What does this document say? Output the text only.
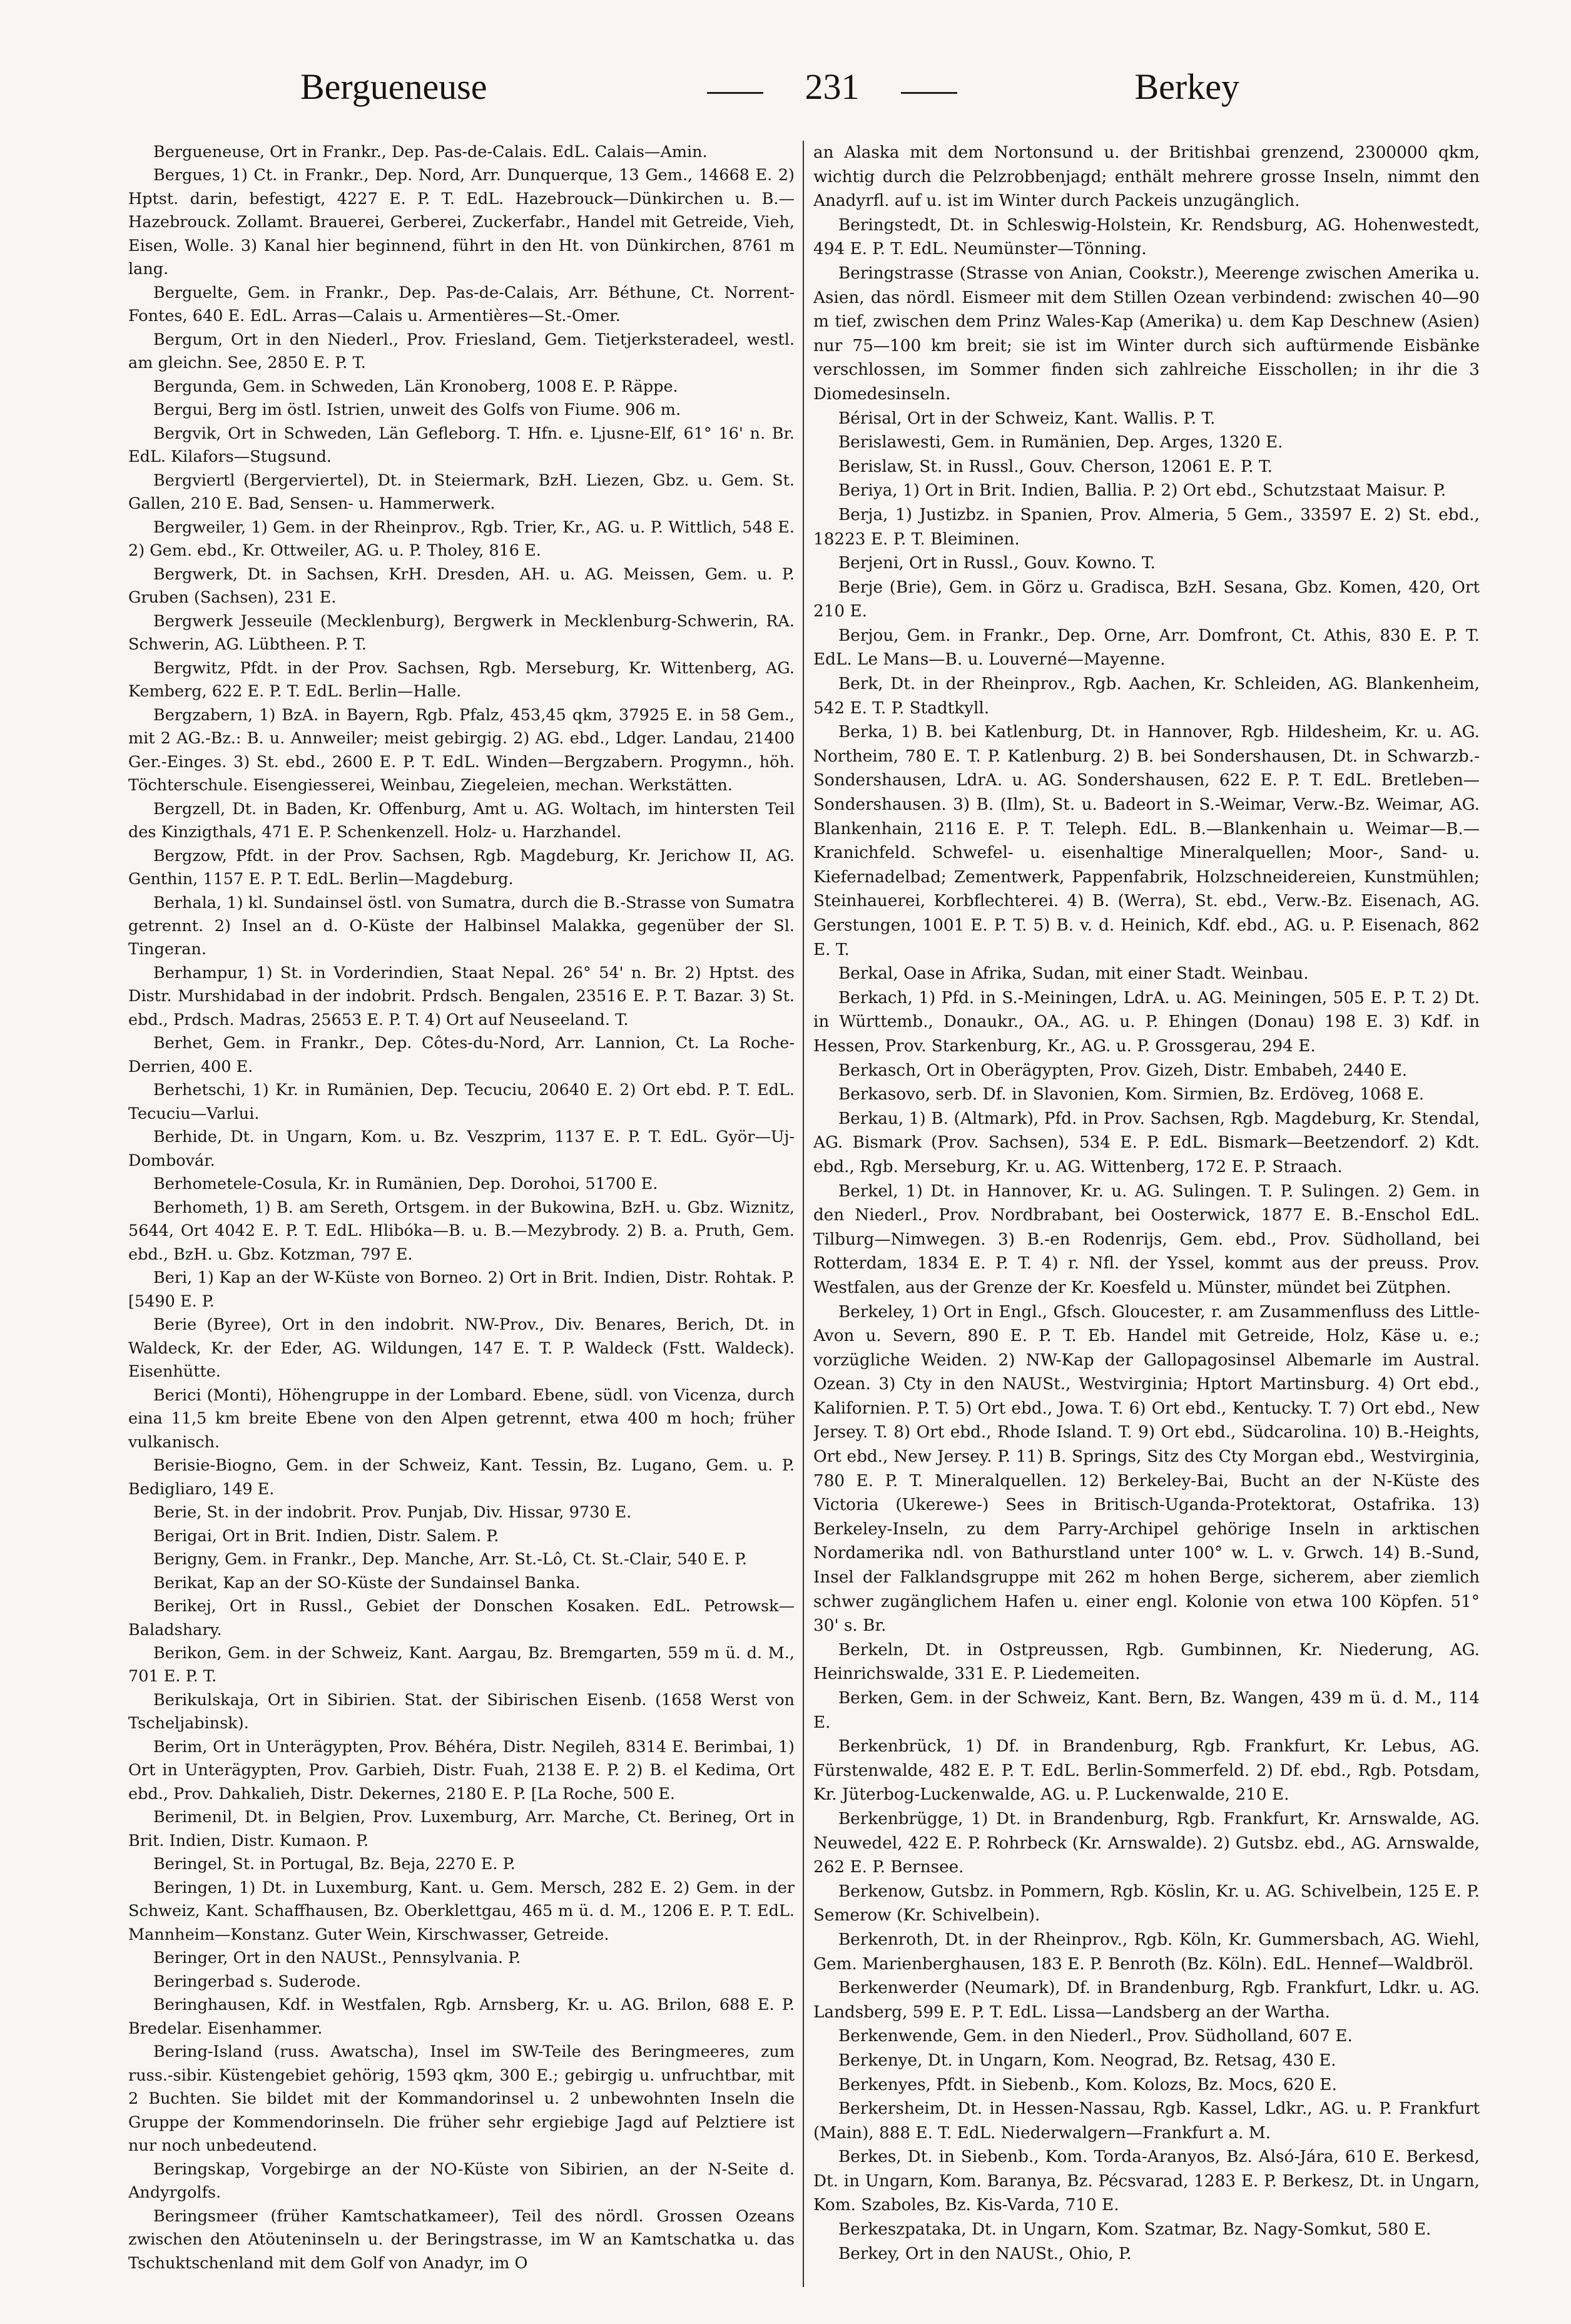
Bergueneuse	231	Berkey

Bergueneuse, Ort in Frankr., Dep. Pas-de-Calais. EdL. Calais—Amin.

Bergues, 1) Ct. in Frankr., Dep. Nord, Arr. Dunquerque, 13 Gem., 14668 E. 2) Hptst. darin, befestigt, 4227 E. P. T. EdL. Hazebrouck—Dünkirchen u. B.—Hazebrouck. Zollamt. Brauerei, Gerberei, Zuckerfabr., Handel mit Getreide, Vieh, Eisen, Wolle. 3) Kanal hier beginnend, führt in den Ht. von Dünkirchen, 8761 m lang.

Berguelte, Gem. in Frankr., Dep. Pas-de-Calais, Arr. Béthune, Ct. Norrent-Fontes, 640 E. EdL. Arras—Calais u. Armentières—St.-Omer.

Bergum, Ort in den Niederl., Prov. Friesland, Gem. Tietjerksteradeel, westl. am gleichn. See, 2850 E. P. T.

Bergunda, Gem. in Schweden, Län Kronoberg, 1008 E. P. Räppe.

Bergui, Berg im östl. Istrien, unweit des Golfs von Fiume. 906 m.

Bergvik, Ort in Schweden, Län Gefleborg. T. Hfn. e. Ljusne-Elf, 61° 16' n. Br. EdL. Kilafors—Stugsund.

Bergviertl (Bergerviertel), Dt. in Steiermark, BzH. Liezen, Gbz. u. Gem. St. Gallen, 210 E. Bad, Sensen- u. Hammerwerk.

Bergweiler, 1) Gem. in der Rheinprov., Rgb. Trier, Kr., AG. u. P. Wittlich, 548 E. 2) Gem. ebd., Kr. Ottweiler, AG. u. P. Tholey, 816 E.

Bergwerk, Dt. in Sachsen, KrH. Dresden, AH. u. AG. Meissen, Gem. u. P. Gruben (Sachsen), 231 E.

Bergwerk Jesseuile (Mecklenburg), Bergwerk in Mecklenburg-Schwerin, RA. Schwerin, AG. Lübtheen. P. T.

Bergwitz, Pfdt. in der Prov. Sachsen, Rgb. Merseburg, Kr. Wittenberg, AG. Kemberg, 622 E. P. T. EdL. Berlin—Halle.

Bergzabern, 1) BzA. in Bayern, Rgb. Pfalz, 453,45 qkm, 37925 E. in 58 Gem., mit 2 AG.-Bz.: B. u. Annweiler; meist gebirgig. 2) AG. ebd., Ldger. Landau, 21400 Ger.-Einges. 3) St. ebd., 2600 E. P. T. EdL. Winden—Bergzabern. Progymn., höh. Töchterschule. Eisengiesserei, Weinbau, Ziegeleien, mechan. Werkstätten.

Bergzell, Dt. in Baden, Kr. Offenburg, Amt u. AG. Woltach, im hintersten Teil des Kinzigthals, 471 E. P. Schenkenzell. Holz- u. Harzhandel.

Bergzow, Pfdt. in der Prov. Sachsen, Rgb. Magdeburg, Kr. Jerichow II, AG. Genthin, 1157 E. P. T. EdL. Berlin—Magdeburg.

Berhala, 1) kl. Sundainsel östl. von Sumatra, durch die B.-Strasse von Sumatra getrennt. 2) Insel an d. O-Küste der Halbinsel Malakka, gegenüber der Sl. Tingeran.

Berhampur, 1) St. in Vorderindien, Staat Nepal. 26° 54' n. Br. 2) Hptst. des Distr. Murshidabad in der indobrit. Prdsch. Bengalen, 23516 E. P. T. Bazar. 3) St. ebd., Prdsch. Madras, 25653 E. P. T. 4) Ort auf Neuseeland. T.

Berhet, Gem. in Frankr., Dep. Côtes-du-Nord, Arr. Lannion, Ct. La Roche-Derrien, 400 E.

Berhetschi, 1) Kr. in Rumänien, Dep. Tecuciu, 20640 E. 2) Ort ebd. P. T. EdL. Tecuciu—Varlui.

Berhide, Dt. in Ungarn, Kom. u. Bz. Veszprim, 1137 E. P. T. EdL. Györ—Uj-Dombovár.

Berhometele-Cosula, Kr. in Rumänien, Dep. Dorohoi, 51700 E.

Berhometh, 1) B. am Sereth, Ortsgem. in der Bukowina, BzH. u. Gbz. Wiznitz, 5644, Ort 4042 E. P. T. EdL. Hlibóka—B. u. B.—Mezybrody. 2) B. a. Pruth, Gem. ebd., BzH. u. Gbz. Kotzman, 797 E.

Beri, 1) Kap an der W-Küste von Borneo. 2) Ort in Brit. Indien, Distr. Rohtak. P. [5490 E. P.

Berie (Byree), Ort in den indobrit. NW-Prov., Div. Benares, Berich, Dt. in Waldeck, Kr. der Eder, AG. Wildungen, 147 E. T. P. Waldeck (Fstt. Waldeck). Eisenhütte.

Berici (Monti), Höhengruppe in der Lombard. Ebene, südl. von Vicenza, durch eina 11,5 km breite Ebene von den Alpen getrennt, etwa 400 m hoch; früher vulkanisch.

Berisie-Biogno, Gem. in der Schweiz, Kant. Tessin, Bz. Lugano, Gem. u. P. Bedigliaro, 149 E.

Berie, St. in der indobrit. Prov. Punjab, Div. Hissar, 9730 E.

Berigai, Ort in Brit. Indien, Distr. Salem. P.

Berigny, Gem. in Frankr., Dep. Manche, Arr. St.-Lô, Ct. St.-Clair, 540 E. P.

Berikat, Kap an der SO-Küste der Sundainsel Banka.

Berikej, Ort in Russl., Gebiet der Donschen Kosaken. EdL. Petrowsk—Baladshary.

Berikon, Gem. in der Schweiz, Kant. Aargau, Bz. Bremgarten, 559 m ü. d. M., 701 E. P. T.

Berikulskaja, Ort in Sibirien. Stat. der Sibirischen Eisenb. (1658 Werst von Tscheljabinsk).

Berim, Ort in Unterägypten, Prov. Béhéra, Distr. Negileh, 8314 E. Berimbai, 1) Ort in Unterägypten, Prov. Garbieh, Distr. Fuah, 2138 E. P. 2) B. el Kedima, Ort ebd., Prov. Dahkalieh, Distr. Dekernes, 2180 E. P. [La Roche, 500 E.

Berimenil, Dt. in Belgien, Prov. Luxemburg, Arr. Marche, Ct. Berineg, Ort in Brit. Indien, Distr. Kumaon. P.

Beringel, St. in Portugal, Bz. Beja, 2270 E. P.

Beringen, 1) Dt. in Luxemburg, Kant. u. Gem. Mersch, 282 E. 2) Gem. in der Schweiz, Kant. Schaffhausen, Bz. Oberklettgau, 465 m ü. d. M., 1206 E. P. T. EdL. Mannheim—Konstanz. Guter Wein, Kirschwasser, Getreide.

Beringer, Ort in den NAUSt., Pennsylvania. P.

Beringerbad s. Suderode.

Beringhausen, Kdf. in Westfalen, Rgb. Arnsberg, Kr. u. AG. Brilon, 688 E. P. Bredelar. Eisenhammer.

Bering-Island (russ. Awatscha), Insel im SW-Teile des Beringmeeres, zum russ.-sibir. Küstengebiet gehörig, 1593 qkm, 300 E.; gebirgig u. unfruchtbar, mit 2 Buchten. Sie bildet mit der Kommandorinsel u. 2 unbewohnten Inseln die Gruppe der Kommendorinseln. Die früher sehr ergiebige Jagd auf Pelztiere ist nur noch unbedeutend.

Beringskap, Vorgebirge an der NO-Küste von Sibirien, an der N-Seite d. Andyrgolfs.

Beringsmeer (früher Kamtschatkameer), Teil des nördl. Grossen Ozeans zwischen den Atöuteninseln u. der Beringstrasse, im W an Kamtschatka u. das Tschuktschenland mit dem Golf von Anadyr, im O

an Alaska mit dem Nortonsund u. der Britishbai grenzend, 2300000 qkm, wichtig durch die Pelzrobbenjagd; enthält mehrere grosse Inseln, nimmt den Anadyrfl. auf u. ist im Winter durch Packeis unzugänglich.

Beringstedt, Dt. in Schleswig-Holstein, Kr. Rendsburg, AG. Hohenwestedt, 494 E. P. T. EdL. Neumünster—Tönning.

Beringstrasse (Strasse von Anian, Cookstr.), Meerenge zwischen Amerika u. Asien, das nördl. Eismeer mit dem Stillen Ozean verbindend: zwischen 40—90 m tief, zwischen dem Prinz Wales-Kap (Amerika) u. dem Kap Deschnew (Asien) nur 75—100 km breit; sie ist im Winter durch sich auftürmende Eisbänke verschlossen, im Sommer finden sich zahlreiche Eisschollen; in ihr die 3 Diomedesinseln.

Bérisal, Ort in der Schweiz, Kant. Wallis. P. T.

Berislawesti, Gem. in Rumänien, Dep. Arges, 1320 E.

Berislaw, St. in Russl., Gouv. Cherson, 12061 E. P. T.

Beriya, 1) Ort in Brit. Indien, Ballia. P. 2) Ort ebd., Schutzstaat Maisur. P.

Berja, 1) Justizbz. in Spanien, Prov. Almeria, 5 Gem., 33597 E. 2) St. ebd., 18223 E. P. T. Bleiminen.

Berjeni, Ort in Russl., Gouv. Kowno. T.

Berje (Brie), Gem. in Görz u. Gradisca, BzH. Sesana, Gbz. Komen, 420, Ort 210 E.

Berjou, Gem. in Frankr., Dep. Orne, Arr. Domfront, Ct. Athis, 830 E. P. T. EdL. Le Mans—B. u. Louverné—Mayenne.

Berk, Dt. in der Rheinprov., Rgb. Aachen, Kr. Schleiden, AG. Blankenheim, 542 E. T. P. Stadtkyll.

Berka, 1) B. bei Katlenburg, Dt. in Hannover, Rgb. Hildesheim, Kr. u. AG. Northeim, 780 E. T. P. Katlenburg. 2) B. bei Sondershausen, Dt. in Schwarzb.-Sondershausen, LdrA. u. AG. Sondershausen, 622 E. P. T. EdL. Bretleben—Sondershausen. 3) B. (Ilm), St. u. Badeort in S.-Weimar, Verw.-Bz. Weimar, AG. Blankenhain, 2116 E. P. T. Teleph. EdL. B.—Blankenhain u. Weimar—B.—Kranichfeld. Schwefel- u. eisenhaltige Mineralquellen; Moor-, Sand- u. Kiefernadelbad; Zementwerk, Pappenfabrik, Holzschneidereien, Kunstmühlen; Steinhauerei, Korbflechterei. 4) B. (Werra), St. ebd., Verw.-Bz. Eisenach, AG. Gerstungen, 1001 E. P. T. 5) B. v. d. Heinich, Kdf. ebd., AG. u. P. Eisenach, 862 E. T.

Berkal, Oase in Afrika, Sudan, mit einer Stadt. Weinbau.

Berkach, 1) Pfd. in S.-Meiningen, LdrA. u. AG. Meiningen, 505 E. P. T. 2) Dt. in Württemb., Donaukr., OA., AG. u. P. Ehingen (Donau) 198 E. 3) Kdf. in Hessen, Prov. Starkenburg, Kr., AG. u. P. Grossgerau, 294 E.

Berkasch, Ort in Oberägypten, Prov. Gizeh, Distr. Embabeh, 2440 E.

Berkasovo, serb. Df. in Slavonien, Kom. Sirmien, Bz. Erdöveg, 1068 E.

Berkau, 1) B. (Altmark), Pfd. in Prov. Sachsen, Rgb. Magdeburg, Kr. Stendal, AG. Bismark (Prov. Sachsen), 534 E. P. EdL. Bismark—Beetzendorf. 2) Kdt. ebd., Rgb. Merseburg, Kr. u. AG. Wittenberg, 172 E. P. Straach.

Berkel, 1) Dt. in Hannover, Kr. u. AG. Sulingen. T. P. Sulingen. 2) Gem. in den Niederl., Prov. Nordbrabant, bei Oosterwick, 1877 E. B.-Enschol EdL. Tilburg—Nimwegen. 3) B.-en Rodenrijs, Gem. ebd., Prov. Südholland, bei Rotterdam, 1834 E. P. T. 4) r. Nfl. der Yssel, kommt aus der preuss. Prov. Westfalen, aus der Grenze der Kr. Koesfeld u. Münster, mündet bei Zütphen.

Berkeley, 1) Ort in Engl., Gfsch. Gloucester, r. am Zusammenfluss des Little-Avon u. Severn, 890 E. P. T. Eb. Handel mit Getreide, Holz, Käse u. e.; vorzügliche Weiden. 2) NW-Kap der Gallopagosinsel Albemarle im Austral. Ozean. 3) Cty in den NAUSt., Westvirginia; Hptort Martinsburg. 4) Ort ebd., Kalifornien. P. T. 5) Ort ebd., Jowa. T. 6) Ort ebd., Kentucky. T. 7) Ort ebd., New Jersey. T. 8) Ort ebd., Rhode Island. T. 9) Ort ebd., Südcarolina. 10) B.-Heights, Ort ebd., New Jersey. P. 11) B. Springs, Sitz des Cty Morgan ebd., Westvirginia, 780 E. P. T. Mineralquellen. 12) Berkeley-Bai, Bucht an der N-Küste des Victoria (Ukerewe-) Sees in Britisch-Uganda-Protektorat, Ostafrika. 13) Berkeley-Inseln, zu dem Parry-Archipel gehörige Inseln in arktischen Nordamerika ndl. von Bathurstland unter 100° w. L. v. Grwch. 14) B.-Sund, Insel der Falklandsgruppe mit 262 m hohen Berge, sicherem, aber ziemlich schwer zugänglichem Hafen u. einer engl. Kolonie von etwa 100 Köpfen. 51° 30' s. Br.

Berkeln, Dt. in Ostpreussen, Rgb. Gumbinnen, Kr. Niederung, AG. Heinrichswalde, 331 E. P. Liedemeiten.

Berken, Gem. in der Schweiz, Kant. Bern, Bz. Wangen, 439 m ü. d. M., 114 E.

Berkenbrück, 1) Df. in Brandenburg, Rgb. Frankfurt, Kr. Lebus, AG. Fürstenwalde, 482 E. P. T. EdL. Berlin-Sommerfeld. 2) Df. ebd., Rgb. Potsdam, Kr. Jüterbog-Luckenwalde, AG. u. P. Luckenwalde, 210 E.

Berkenbrügge, 1) Dt. in Brandenburg, Rgb. Frankfurt, Kr. Arnswalde, AG. Neuwedel, 422 E. P. Rohrbeck (Kr. Arnswalde). 2) Gutsbz. ebd., AG. Arnswalde, 262 E. P. Bernsee.

Berkenow, Gutsbz. in Pommern, Rgb. Köslin, Kr. u. AG. Schivelbein, 125 E. P. Semerow (Kr. Schivelbein).

Berkenroth, Dt. in der Rheinprov., Rgb. Köln, Kr. Gummersbach, AG. Wiehl, Gem. Marienberghausen, 183 E. P. Benroth (Bz. Köln). EdL. Hennef—Waldbröl.

Berkenwerder (Neumark), Df. in Brandenburg, Rgb. Frankfurt, Ldkr. u. AG. Landsberg, 599 E. P. T. EdL. Lissa—Landsberg an der Wartha.

Berkenwende, Gem. in den Niederl., Prov. Südholland, 607 E.

Berkenye, Dt. in Ungarn, Kom. Neograd, Bz. Retsag, 430 E.

Berkenyes, Pfdt. in Siebenb., Kom. Kolozs, Bz. Mocs, 620 E.

Berkersheim, Dt. in Hessen-Nassau, Rgb. Kassel, Ldkr., AG. u. P. Frankfurt (Main), 888 E. T. EdL. Niederwalgern—Frankfurt a. M.

Berkes, Dt. in Siebenb., Kom. Torda-Aranyos, Bz. Alsó-Jára, 610 E. Berkesd, Dt. in Ungarn, Kom. Baranya, Bz. Pécsvarad, 1283 E. P. Berkesz, Dt. in Ungarn, Kom. Szaboles, Bz. Kis-Varda, 710 E.

Berkeszpataka, Dt. in Ungarn, Kom. Szatmar, Bz. Nagy-Somkut, 580 E.

Berkey, Ort in den NAUSt., Ohio, P.
